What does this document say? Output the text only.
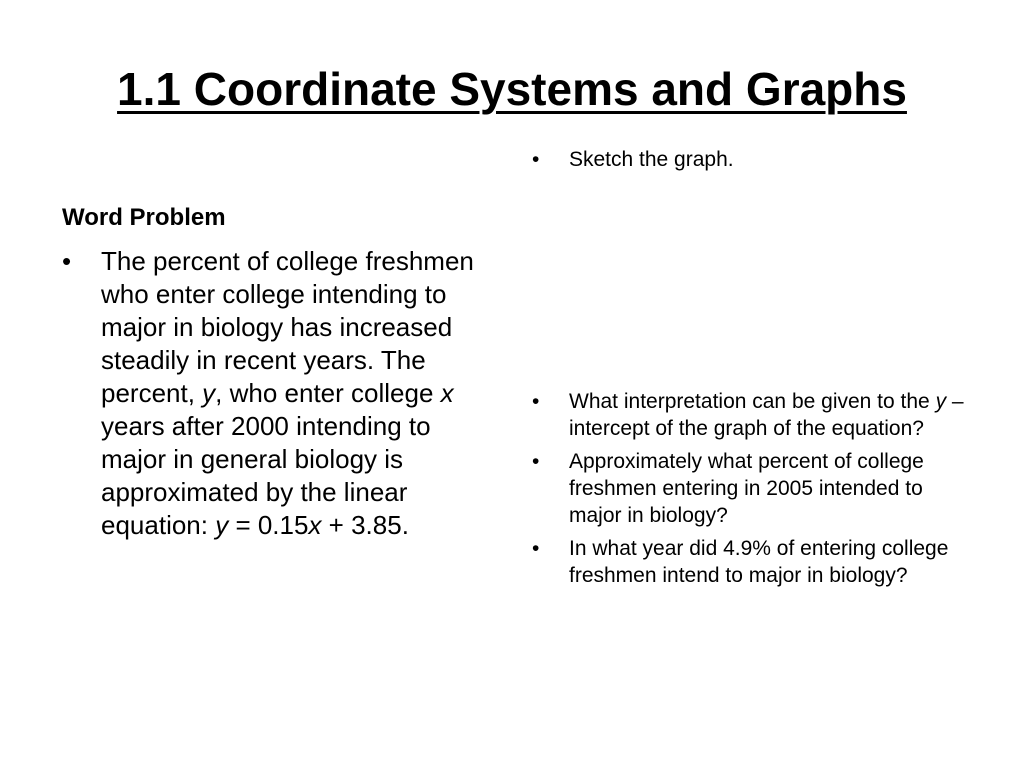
1.1 Coordinate Systems and Graphs
Word Problem
• The percent of college freshmen who enter college intending to major in biology has increased steadily in recent years. The percent, y, who enter college x years after 2000 intending to major in general biology is approximated by the linear equation: y = 0.15x + 3.85.
• Sketch the graph.
• What interpretation can be given to the y – intercept of the graph of the equation?
• Approximately what percent of college freshmen entering in 2005 intended to major in biology?
• In what year did 4.9% of entering college freshmen intend to major in biology?
